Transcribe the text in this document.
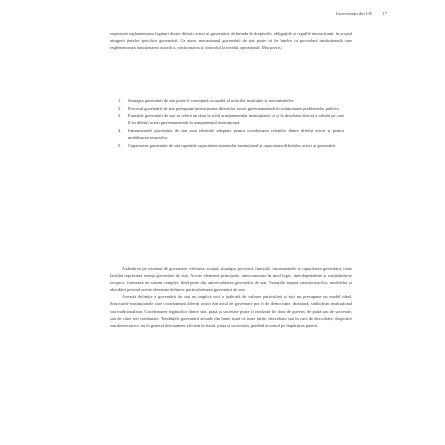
Guvernanța din UE 17

reprezintă reglementarea legături dintre diferiți actori ai guvernării, definindu-le drepturile, obligațiile și regulile interacțiunii, în scopul atingerii țintelor specifice guvernării. Ca atare, mecanismul guvernării de stat poate să fie înțeles ca procedură instituțională care reglementează funcționarea actorilor, conformarea și controlul la nivelul operațional. Mai precis:

1. Strategia guvernării de stat poate fi concepută ca model al actorilor instituției și mecanismelor.
2. Procesul guvernării de stat presupune interacțiunea diferiților actori guvernamentali în soluționarea problemelor publice.
3. Funcțiile guvernării de stat se referă nu doar la rolul aranjamentului instituțional, ci și la derularea directă a rolului pe care îl au diferiți actori guvernamentali în aranjamentul instituțional.
4. Instrumentele guvernării de stat sunt tehnicile adoptate pentru coordonarea relațiilor dintre diferiți actori și pentru mobilizarea resurselor.
5. Capacitatea guvernării de stat cuprinde capacitatea sistemului instituțional și capacitatea diferiților actori ai guvernării.

Axându-se pe sistemul de guvernare, valoarea, scopul, strategia, procesul, funcțiile, instrumentele și capacitatea guvernării, toate laolaltă reprezintă esența guvernării de stat. Aceste elemente principale, interconectate în mod logic, interdependente și susținându-se reciproc, formează un sistem complet, fiind parte din universalitatea guvernării de stat. Variațiile asupra caracteristicilor, modelelor și abordării privind aceste elemente definesc particularitatea guvernării de stat.

Această definiție a guvernării de stat nu implică nici o judecată de valoare particulară și nici nu presupune un model ideal. Structurile instituționale care coordonează diferiți actori din actul de guvernare pot fi de democrație, dictatură, simbolism instituțional sau tradiționalism. Coordonarea legăturilor dintre stat, piață și societate poate fi realizată fie doar de guvern, de piață sau de societate, sau de către trei combinate. Tendințele guvernării actuale din lume arată că toate țările, dezvoltate sau în curs de dezvoltare, despotice sau democratice, au în general devotament eficient la statul, piața și societatea, punând accentul pe împărțirea puterii.
